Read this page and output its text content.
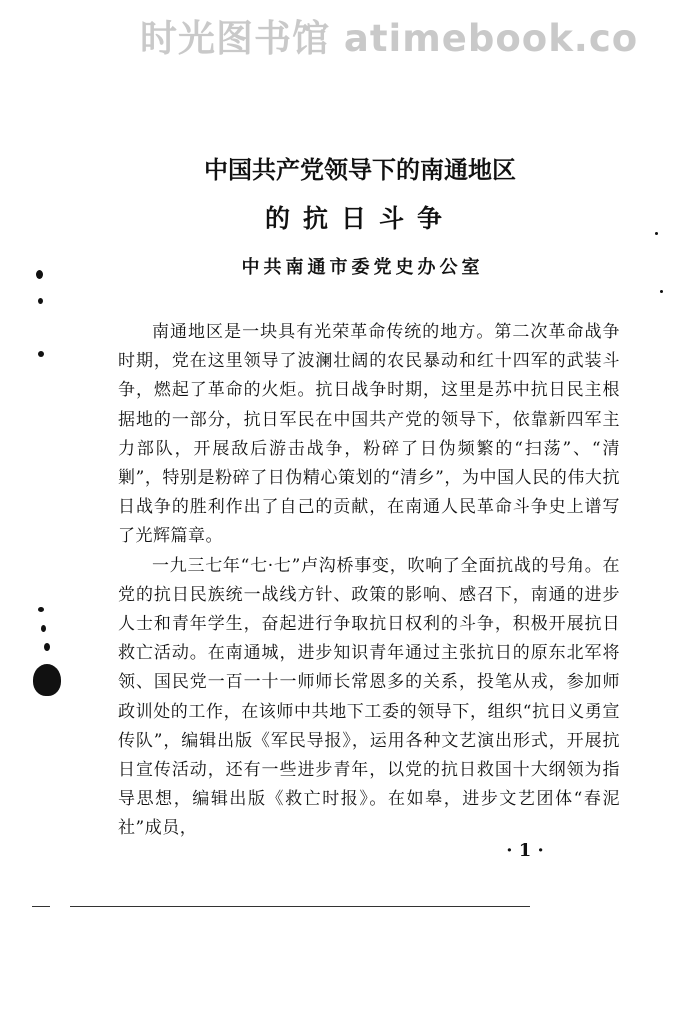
时光图书馆 atimebook.co
中国共产党领导下的南通地区
的抗日斗争
中共南通市委党史办公室

南通地区是一块具有光荣革命传统的地方。第二次革命战争时期，党在这里领导了波澜壮阔的农民暴动和红十四军的武装斗争，燃起了革命的火炬。抗日战争时期，这里是苏中抗日民主根据地的一部分，抗日军民在中国共产党的领导下，依靠新四军主力部队，开展敌后游击战争，粉碎了日伪频繁的“扫荡”、“清剿”，特别是粉碎了日伪精心策划的“清乡”，为中国人民的伟大抗日战争的胜利作出了自己的贡献，在南通人民革命斗争史上谱写了光辉篇章。

一九三七年“七·七”卢沟桥事变，吹响了全面抗战的号角。在党的抗日民族统一战线方针、政策的影响、感召下，南通的进步人士和青年学生，奋起进行争取抗日权利的斗争，积极开展抗日救亡活动。在南通城，进步知识青年通过主张抗日的原东北军将领、国民党一百一十一师师长常恩多的关系，投笔从戎，参加师政训处的工作，在该师中共地下工委的领导下，组织“抗日义勇宣传队”，编辑出版《军民导报》，运用各种文艺演出形式，开展抗日宣传活动，还有一些进步青年，以党的抗日救国十大纲领为指导思想，编辑出版《救亡时报》。在如皋，进步文艺团体“春泥社”成员，

· 1 ·
